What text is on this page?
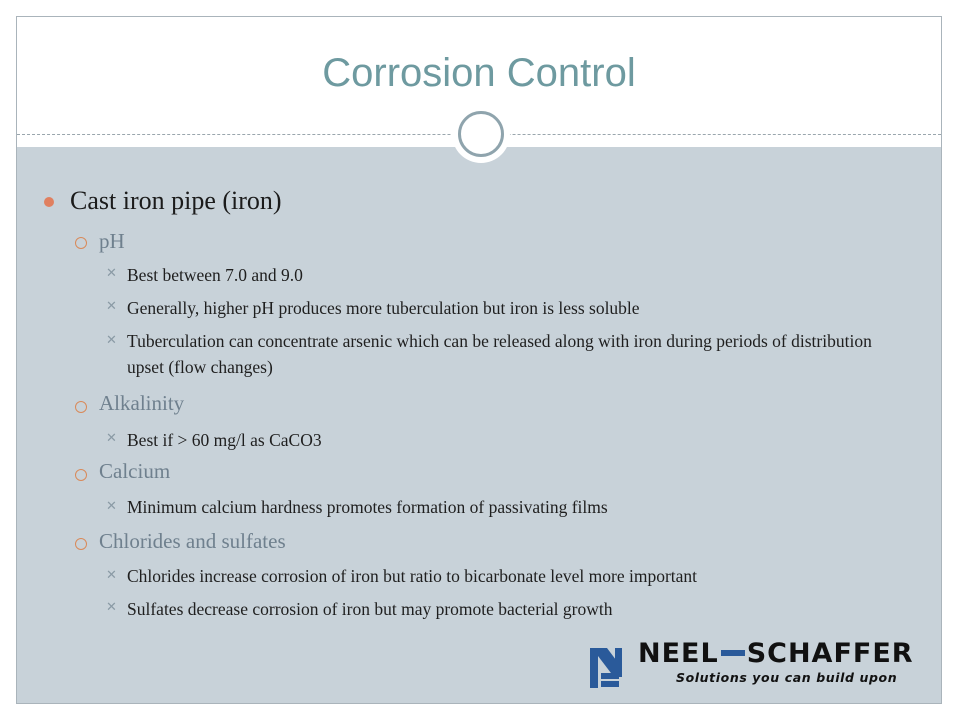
Corrosion Control
Cast iron pipe (iron)
pH
✕ Best between 7.0 and 9.0
✕ Generally, higher pH produces more tuberculation but iron is less soluble
✕ Tuberculation can concentrate arsenic which can be released along with iron during periods of distribution upset (flow changes)
Alkalinity
✕ Best if > 60 mg/l as CaCO3
Calcium
✕ Minimum calcium hardness promotes formation of passivating films
Chlorides and sulfates
✕ Chlorides increase corrosion of iron but ratio to bicarbonate level more important
✕ Sulfates decrease corrosion of iron but may promote bacterial growth
NEEL SCHAFFER
Solutions you can build upon
